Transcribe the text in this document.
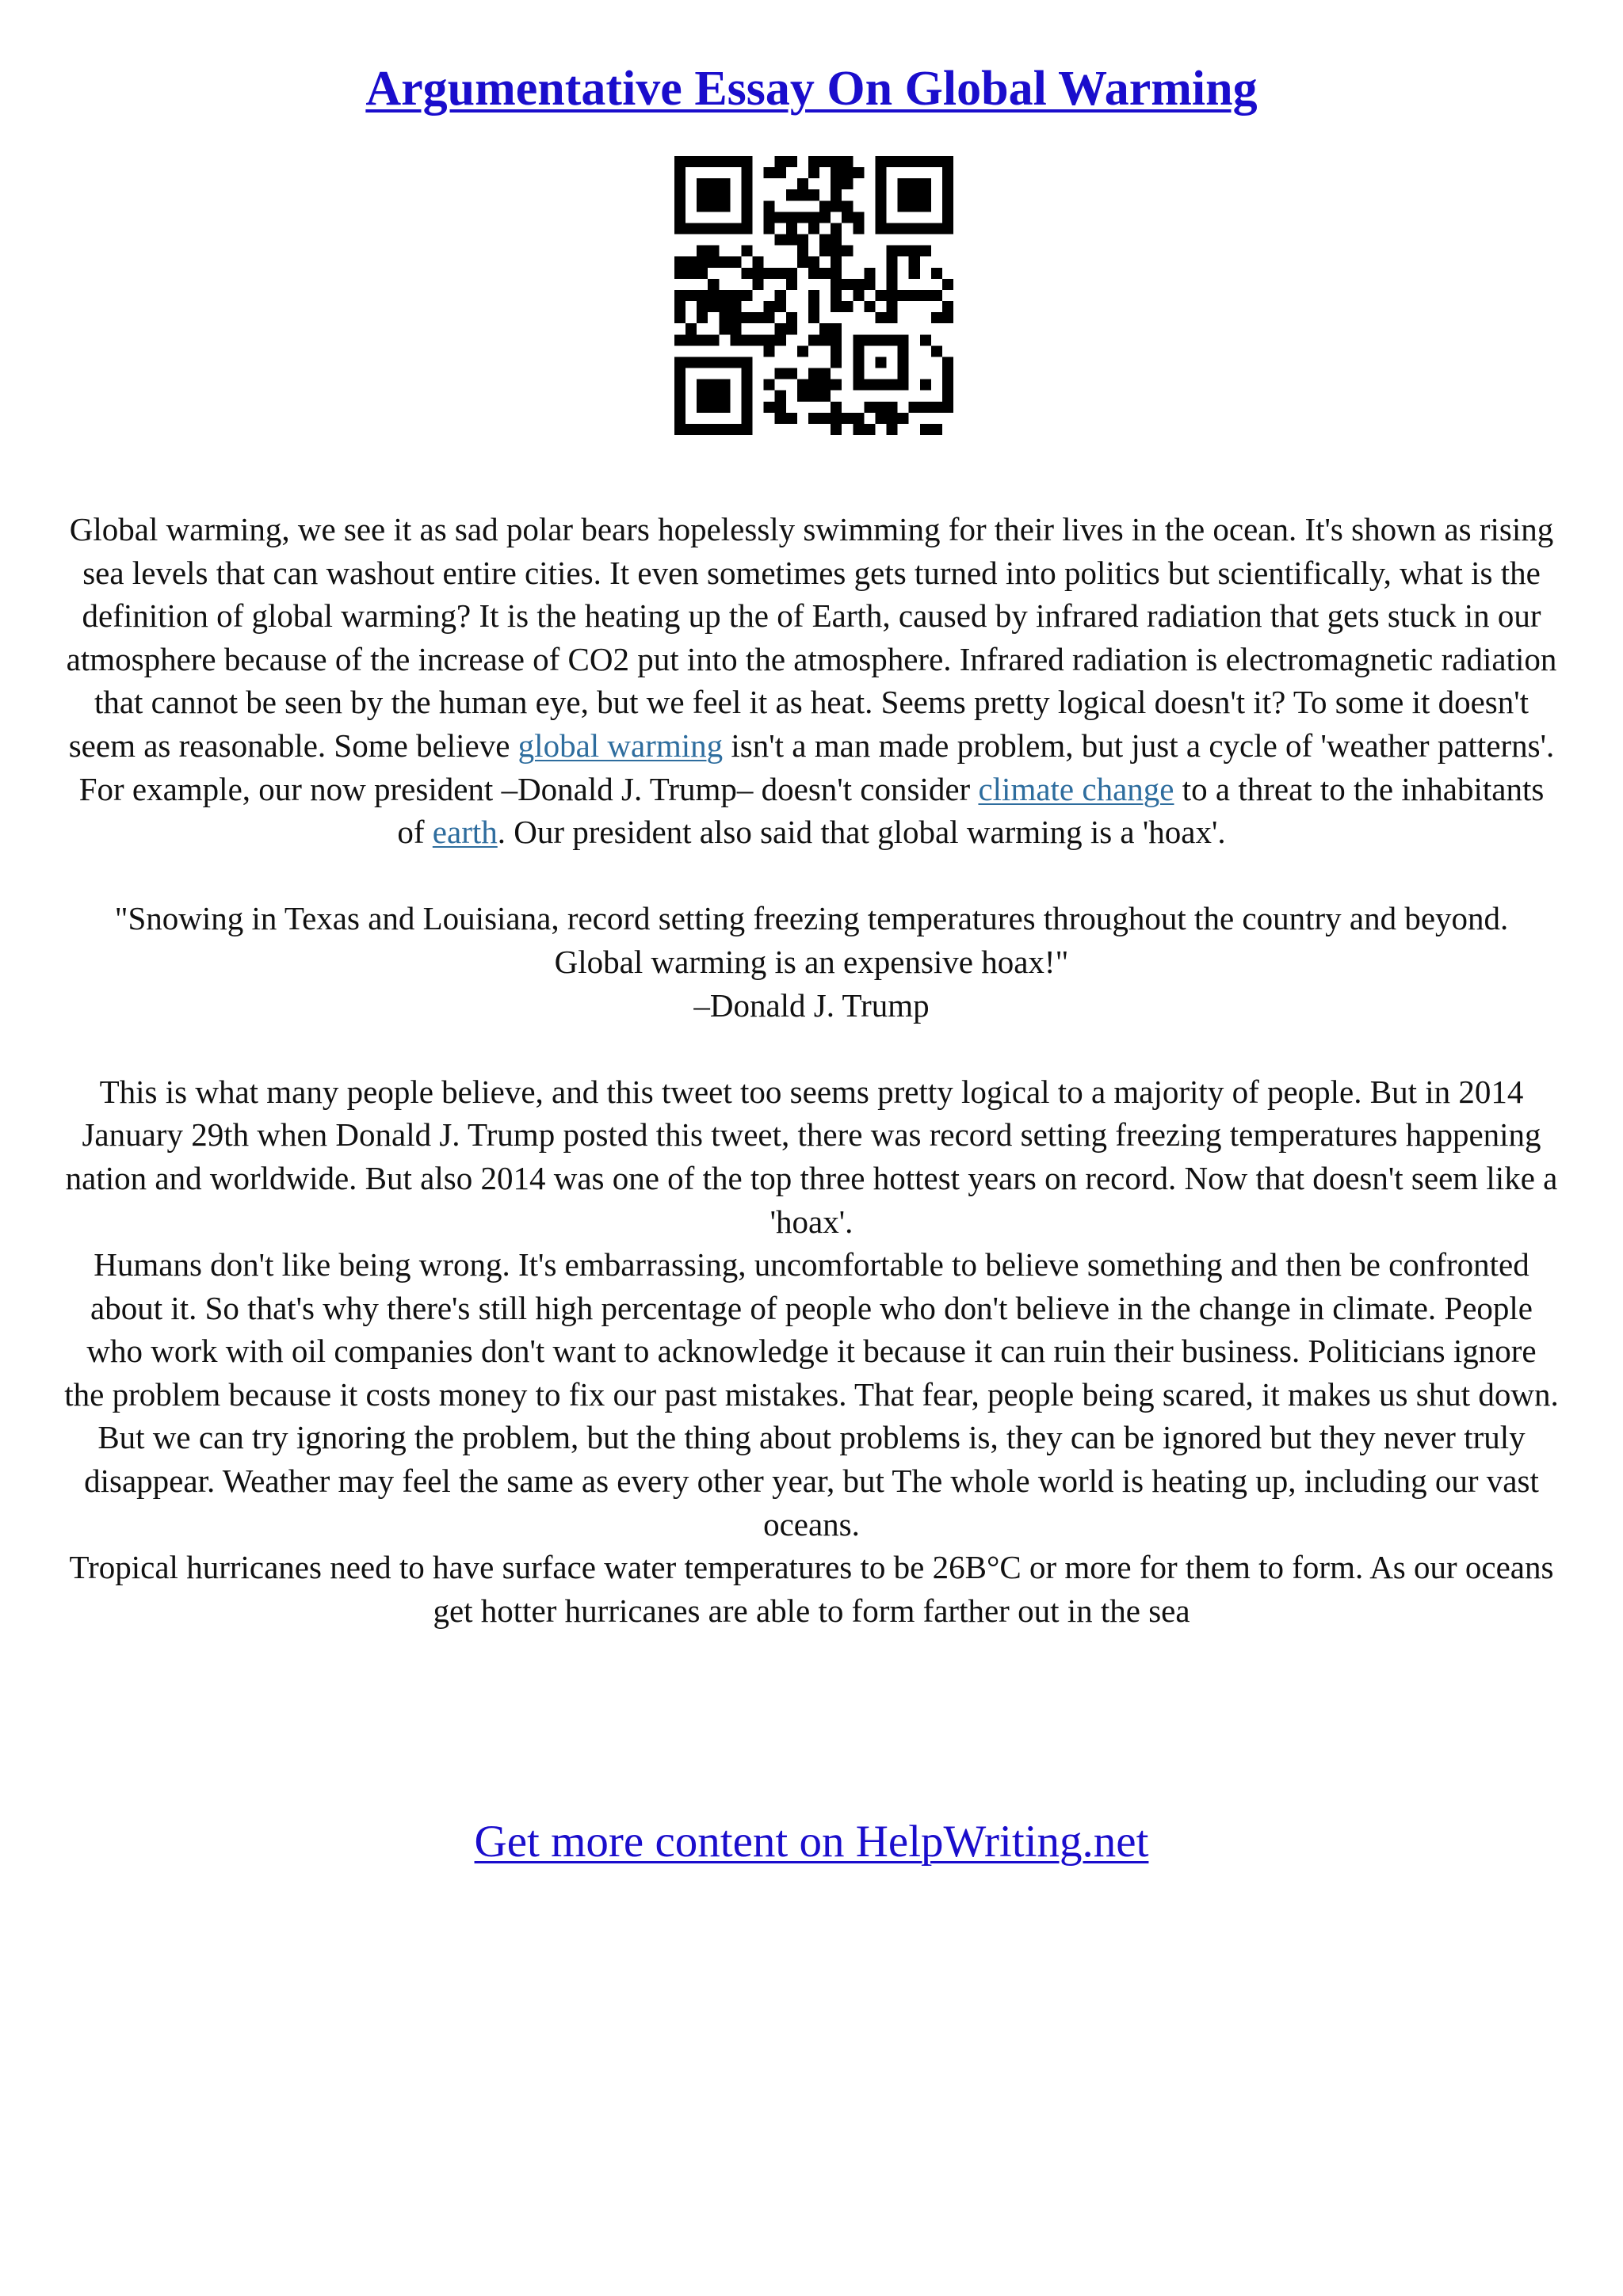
Argumentative Essay On Global Warming

Global warming, we see it as sad polar bears hopelessly swimming for their lives in the ocean. It's shown as rising sea levels that can washout entire cities. It even sometimes gets turned into politics but scientifically, what is the definition of global warming? It is the heating up the of Earth, caused by infrared radiation that gets stuck in our atmosphere because of the increase of CO2 put into the atmosphere. Infrared radiation is electromagnetic radiation that cannot be seen by the human eye, but we feel it as heat. Seems pretty logical doesn't it? To some it doesn't seem as reasonable. Some believe global warming isn't a man made problem, but just a cycle of 'weather patterns'. For example, our now president –Donald J. Trump– doesn't consider climate change to a threat to the inhabitants of earth. Our president also said that global warming is a 'hoax'.

"Snowing in Texas and Louisiana, record setting freezing temperatures throughout the country and beyond.

Global warming is an expensive hoax!"

–Donald J. Trump

This is what many people believe, and this tweet too seems pretty logical to a majority of people. But in 2014 January 29th when Donald J. Trump posted this tweet, there was record setting freezing temperatures happening nation and worldwide. But also 2014 was one of the top three hottest years on record. Now that doesn't seem like a 'hoax'.

Humans don't like being wrong. It's embarrassing, uncomfortable to believe something and then be confronted about it. So that's why there's still high percentage of people who don't believe in the change in climate. People who work with oil companies don't want to acknowledge it because it can ruin their business. Politicians ignore the problem because it costs money to fix our past mistakes. That fear, people being scared, it makes us shut down. But we can try ignoring the problem, but the thing about problems is, they can be ignored but they never truly disappear. Weather may feel the same as every other year, but The whole world is heating up, including our vast oceans.

Tropical hurricanes need to have surface water temperatures to be 26B°C or more for them to form. As our oceans get hotter hurricanes are able to form farther out in the sea

Get more content on HelpWriting.net
